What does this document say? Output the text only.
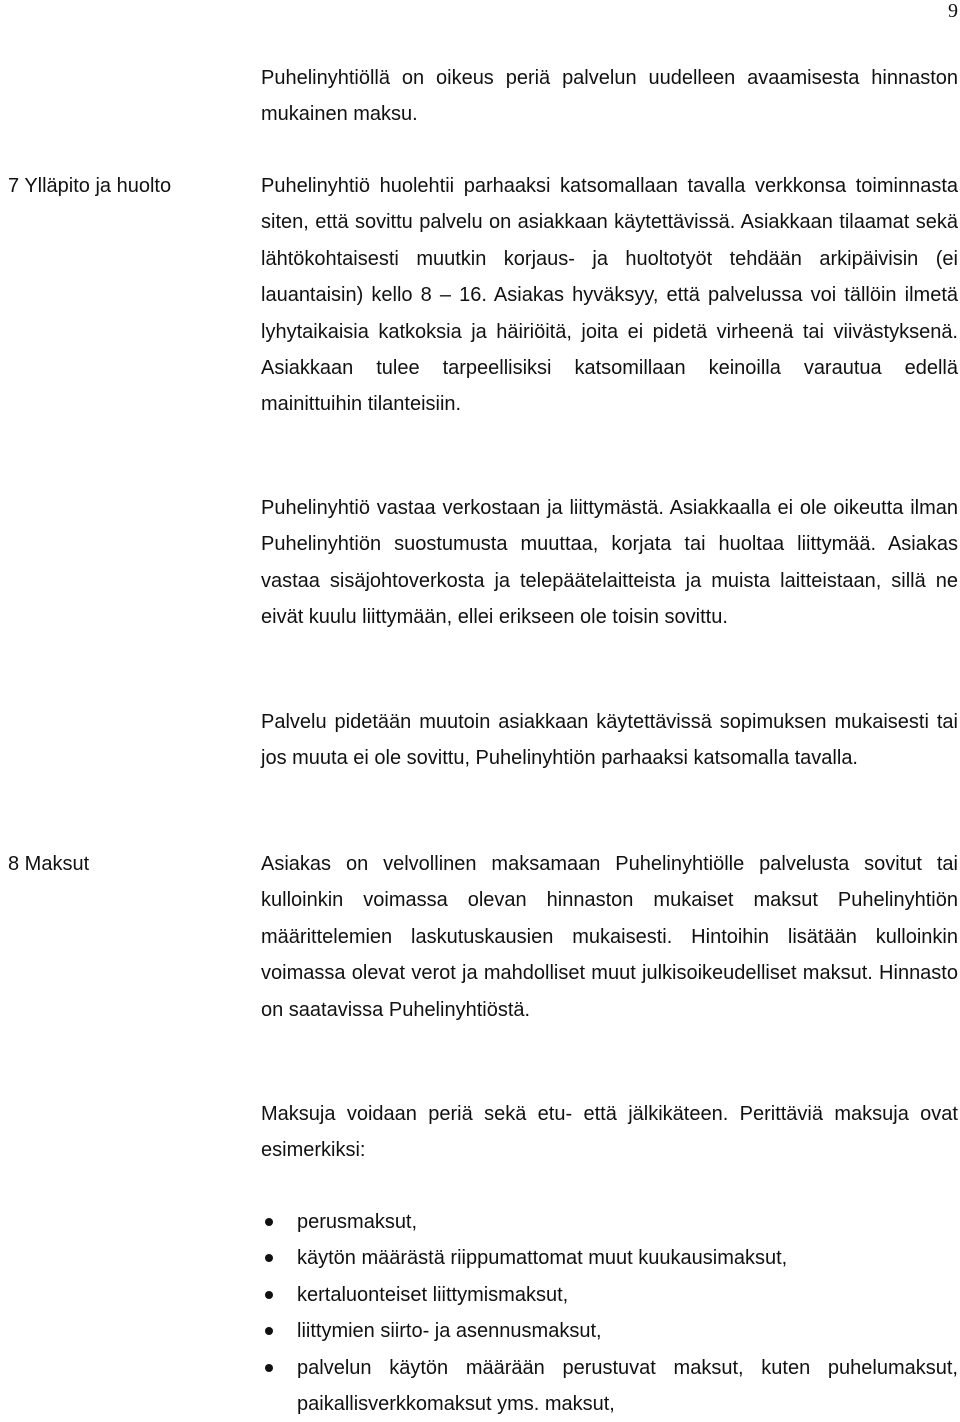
9

Puhelinyhtiöllä on oikeus periä palvelun uudelleen avaamisesta hinnaston mukainen maksu.

7 Ylläpito ja huolto	Puhelinyhtiö huolehtii parhaaksi katsomallaan tavalla verkkonsa toiminnasta siten, että sovittu palvelu on asiakkaan käytettävissä. Asiakkaan tilaamat sekä lähtökohtaisesti muutkin korjaus- ja huoltotyöt tehdään arkipäivisin (ei lauantaisin) kello 8 – 16. Asiakas hyväksyy, että palvelussa voi tällöin ilmetä lyhytaikaisia katkoksia ja häiriöitä, joita ei pidetä virheenä tai viivästyksenä. Asiakkaan tulee tarpeellisiksi katsomillaan keinoilla varautua edellä mainittuihin tilanteisiin.

Puhelinyhtiö vastaa verkostaan ja liittymästä. Asiakkaalla ei ole oikeutta ilman Puhelinyhtiön suostumusta muuttaa, korjata tai huoltaa liittymää. Asiakas vastaa sisäjohtoverkosta ja telepäätelaitteista ja muista laitteistaan, sillä ne eivät kuulu liittymään, ellei erikseen ole toisin sovittu.

Palvelu pidetään muutoin asiakkaan käytettävissä sopimuksen mukaisesti tai jos muuta ei ole sovittu, Puhelinyhtiön parhaaksi katsomalla tavalla.

8 Maksut	Asiakas on velvollinen maksamaan Puhelinyhtiölle palvelusta sovitut tai kulloinkin voimassa olevan hinnaston mukaiset maksut Puhelinyhtiön määrittelemien laskutuskausien mukaisesti. Hintoihin lisätään kulloinkin voimassa olevat verot ja mahdolliset muut julkisoikeudelliset maksut. Hinnasto on saatavissa Puhelinyhtiöstä.

Maksuja voidaan periä sekä etu- että jälkikäteen. Perittäviä maksuja ovat esimerkiksi:

perusmaksut,
käytön määrästä riippumattomat muut kuukausimaksut,
kertaluonteiset liittymismaksut,
liittymien siirto- ja asennusmaksut,
palvelun käytön määrään perustuvat maksut, kuten puhelumaksut, paikallisverkkomaksut yms. maksut,
